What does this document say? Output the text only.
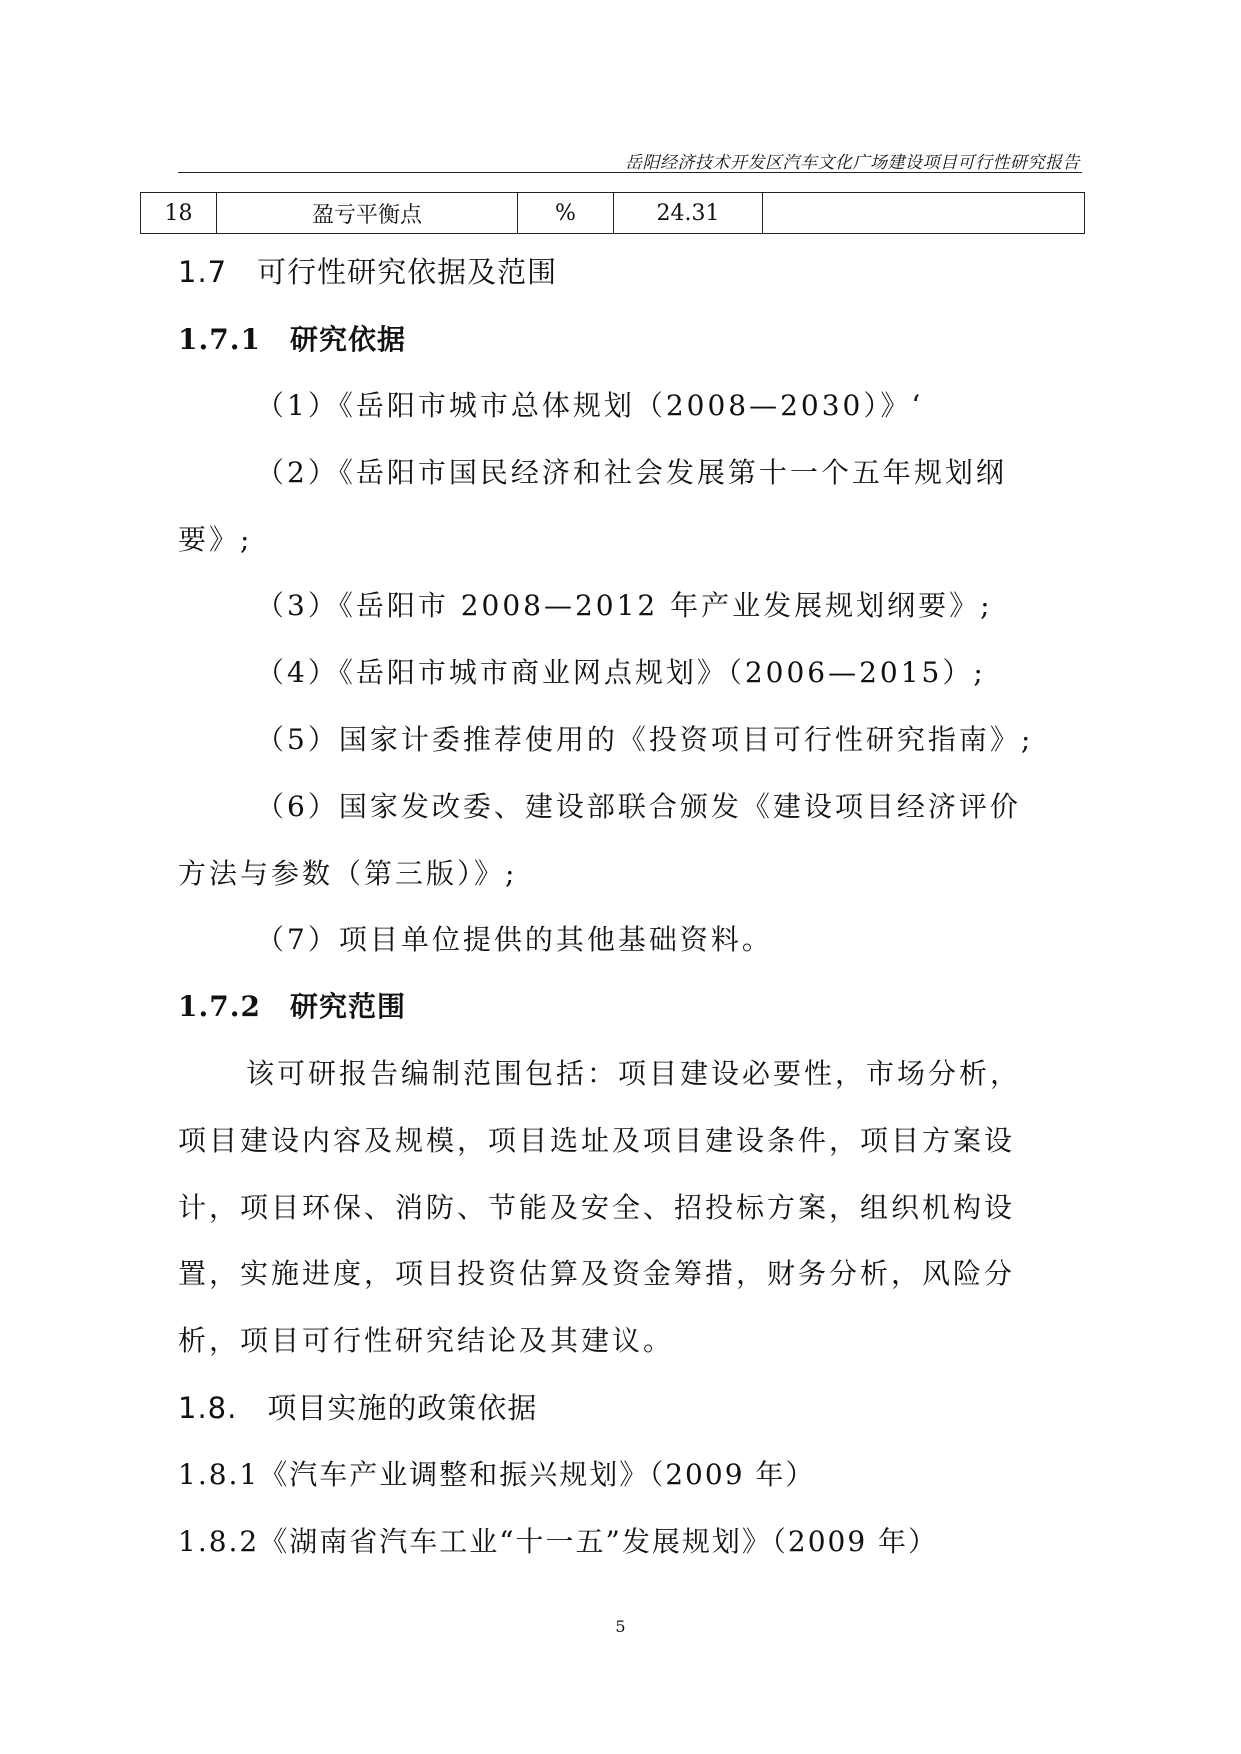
岳阳经济技术开发区汽车文化广场建设项目可行性研究报告
18	盈亏平衡点	%	24.31	
1.7　可行性研究依据及范围
1.7.1　研究依据
（1）《岳阳市城市总体规划（2008—2030）》‘
（2）《岳阳市国民经济和社会发展第十一个五年规划纲
要》;
（3）《岳阳市 2008—2012 年产业发展规划纲要》;
（4）《岳阳市城市商业网点规划》（2006—2015）;
（5）国家计委推荐使用的《投资项目可行性研究指南》;
（6）国家发改委、建设部联合颁发《建设项目经济评价
方法与参数（第三版）》;
（7）项目单位提供的其他基础资料。
1.7.2　研究范围
该可研报告编制范围包括：项目建设必要性，市场分析，
项目建设内容及规模，项目选址及项目建设条件，项目方案设
计，项目环保、消防、节能及安全、招投标方案，组织机构设
置，实施进度，项目投资估算及资金筹措，财务分析，风险分
析，项目可行性研究结论及其建议。
1.8.　项目实施的政策依据
1.8.1《汽车产业调整和振兴规划》（2009 年）
1.8.2《湖南省汽车工业“十一五”发展规划》（2009 年）
5
